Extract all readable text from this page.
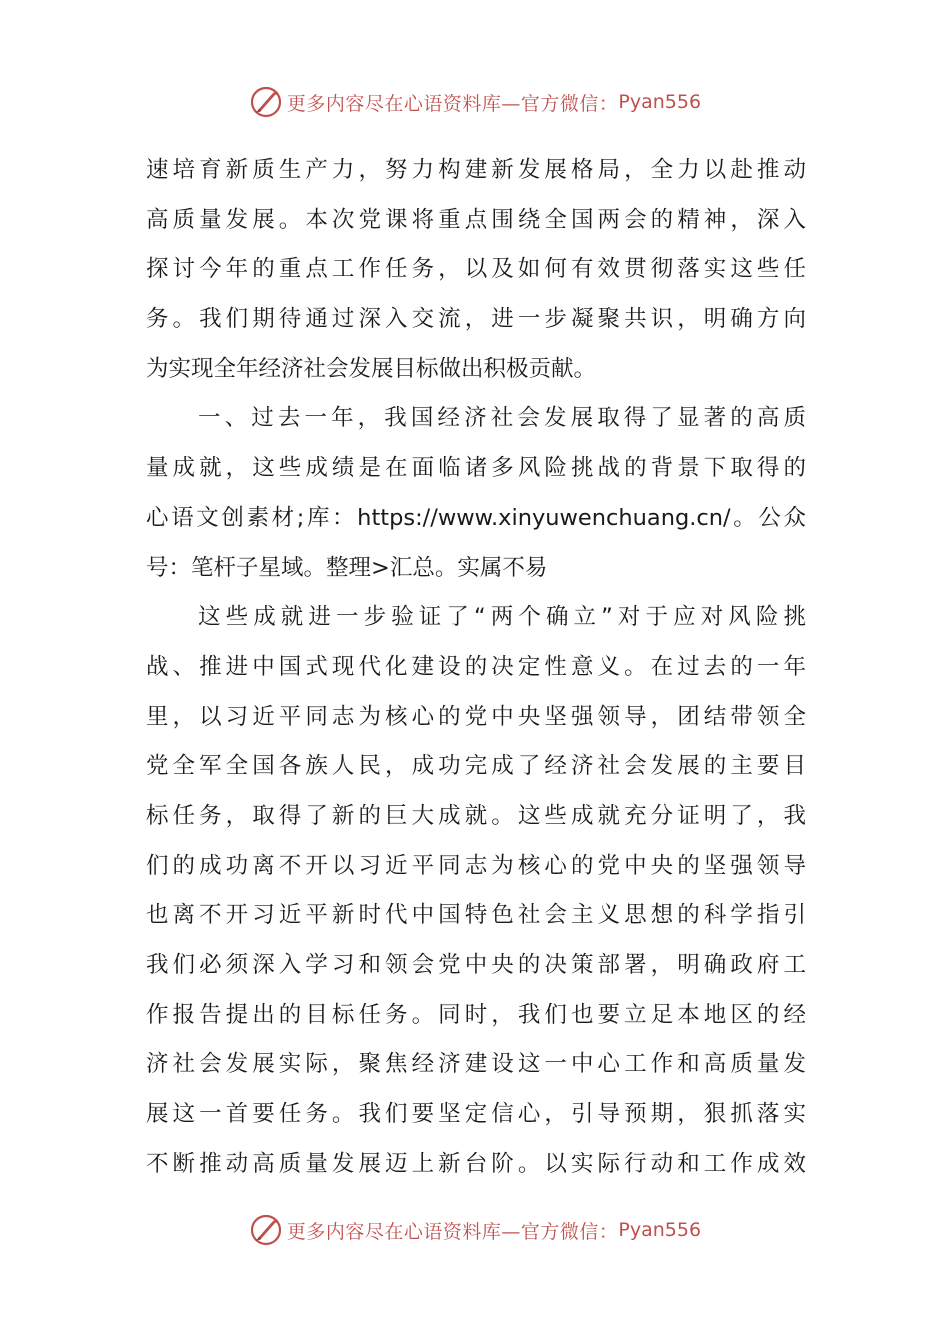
更多内容尽在心语资料库—官方微信： Pyan556
速培育新质生产力，努力构建新发展格局，全力以赴推动
高质量发展。本次党课将重点围绕全国两会的精神，深入
探讨今年的重点工作任务，以及如何有效贯彻落实这些任
务。我们期待通过深入交流，进一步凝聚共识，明确方向
为实现全年经济社会发展目标做出积极贡献。
一、过去一年，我国经济社会发展取得了显著的高质
量成就，这些成绩是在面临诸多风险挑战的背景下取得的
心语文创素材;库：https://www.xinyuwenchuang.cn/。公众
号：笔杆子星域。整理>汇总。实属不易
这些成就进一步验证了“两个确立”对于应对风险挑
战、推进中国式现代化建设的决定性意义。在过去的一年
里，以习近平同志为核心的党中央坚强领导，团结带领全
党全军全国各族人民，成功完成了经济社会发展的主要目
标任务，取得了新的巨大成就。这些成就充分证明了，我
们的成功离不开以习近平同志为核心的党中央的坚强领导
也离不开习近平新时代中国特色社会主义思想的科学指引
我们必须深入学习和领会党中央的决策部署，明确政府工
作报告提出的目标任务。同时，我们也要立足本地区的经
济社会发展实际，聚焦经济建设这一中心工作和高质量发
展这一首要任务。我们要坚定信心，引导预期，狠抓落实
不断推动高质量发展迈上新台阶。以实际行动和工作成效
更多内容尽在心语资料库—官方微信： Pyan556
